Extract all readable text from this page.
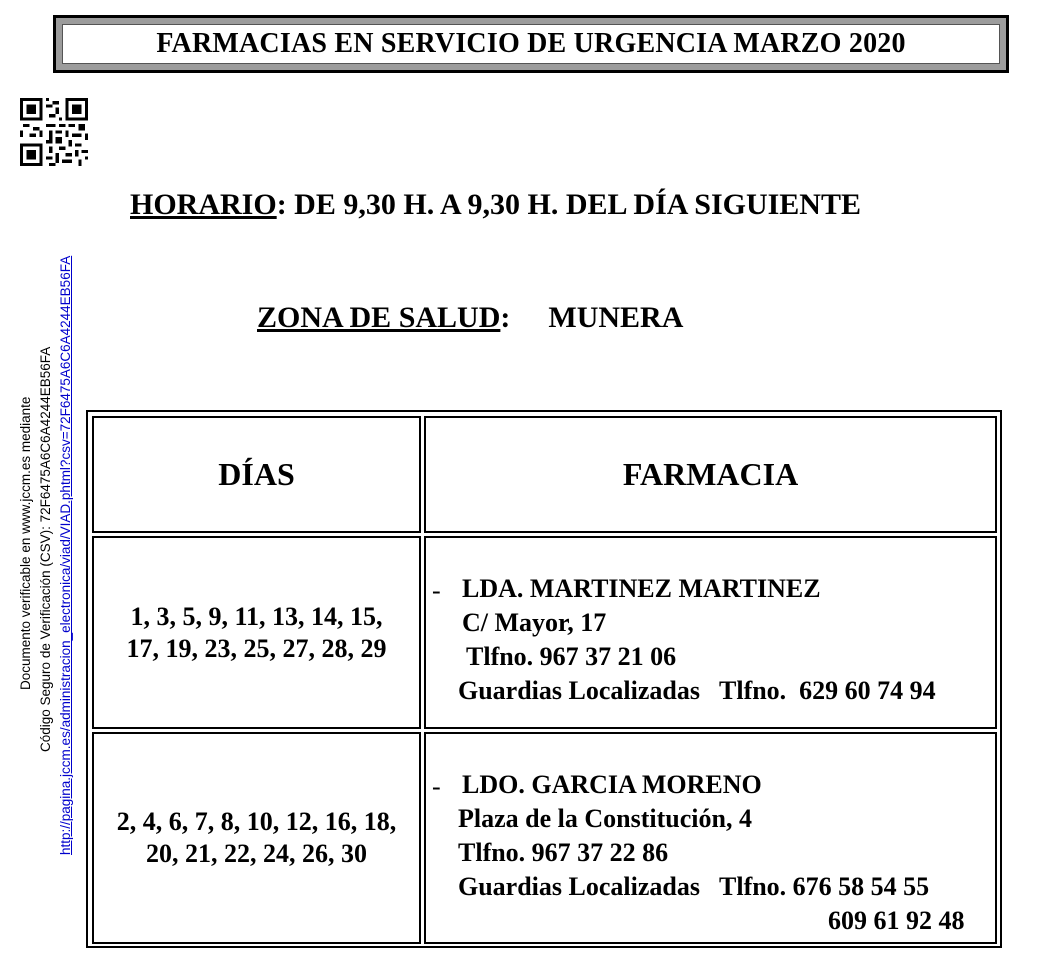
FARMACIAS EN SERVICIO DE URGENCIA MARZO 2020
Documento verificable en www.jccm.es mediante Código Seguro de Verificación (CSV): 72F6475A6C6A4244EB56FA http://pagina.jccm.es/administracion_electronica/viad/VIAD.phtml?csv=72F6475A6C6A4244EB56FA
HORARIO: DE 9,30 H. A 9,30 H. DEL DÍA SIGUIENTE
ZONA DE SALUD: MUNERA
DÍAS	FARMACIA
1, 3, 5, 9, 11, 13, 14, 15,
17, 19, 23, 25, 27, 28, 29
- LDA. MARTINEZ MARTINEZ
C/ Mayor, 17
Tlfno. 967 37 21 06
Guardias Localizadas   Tlfno.  629 60 74 94
2, 4, 6, 7, 8, 10, 12, 16, 18,
20, 21, 22, 24, 26, 30
- LDO. GARCIA MORENO
Plaza de la Constitución, 4
Tlfno. 967 37 22 86
Guardias Localizadas   Tlfno. 676 58 54 55
609 61 92 48
